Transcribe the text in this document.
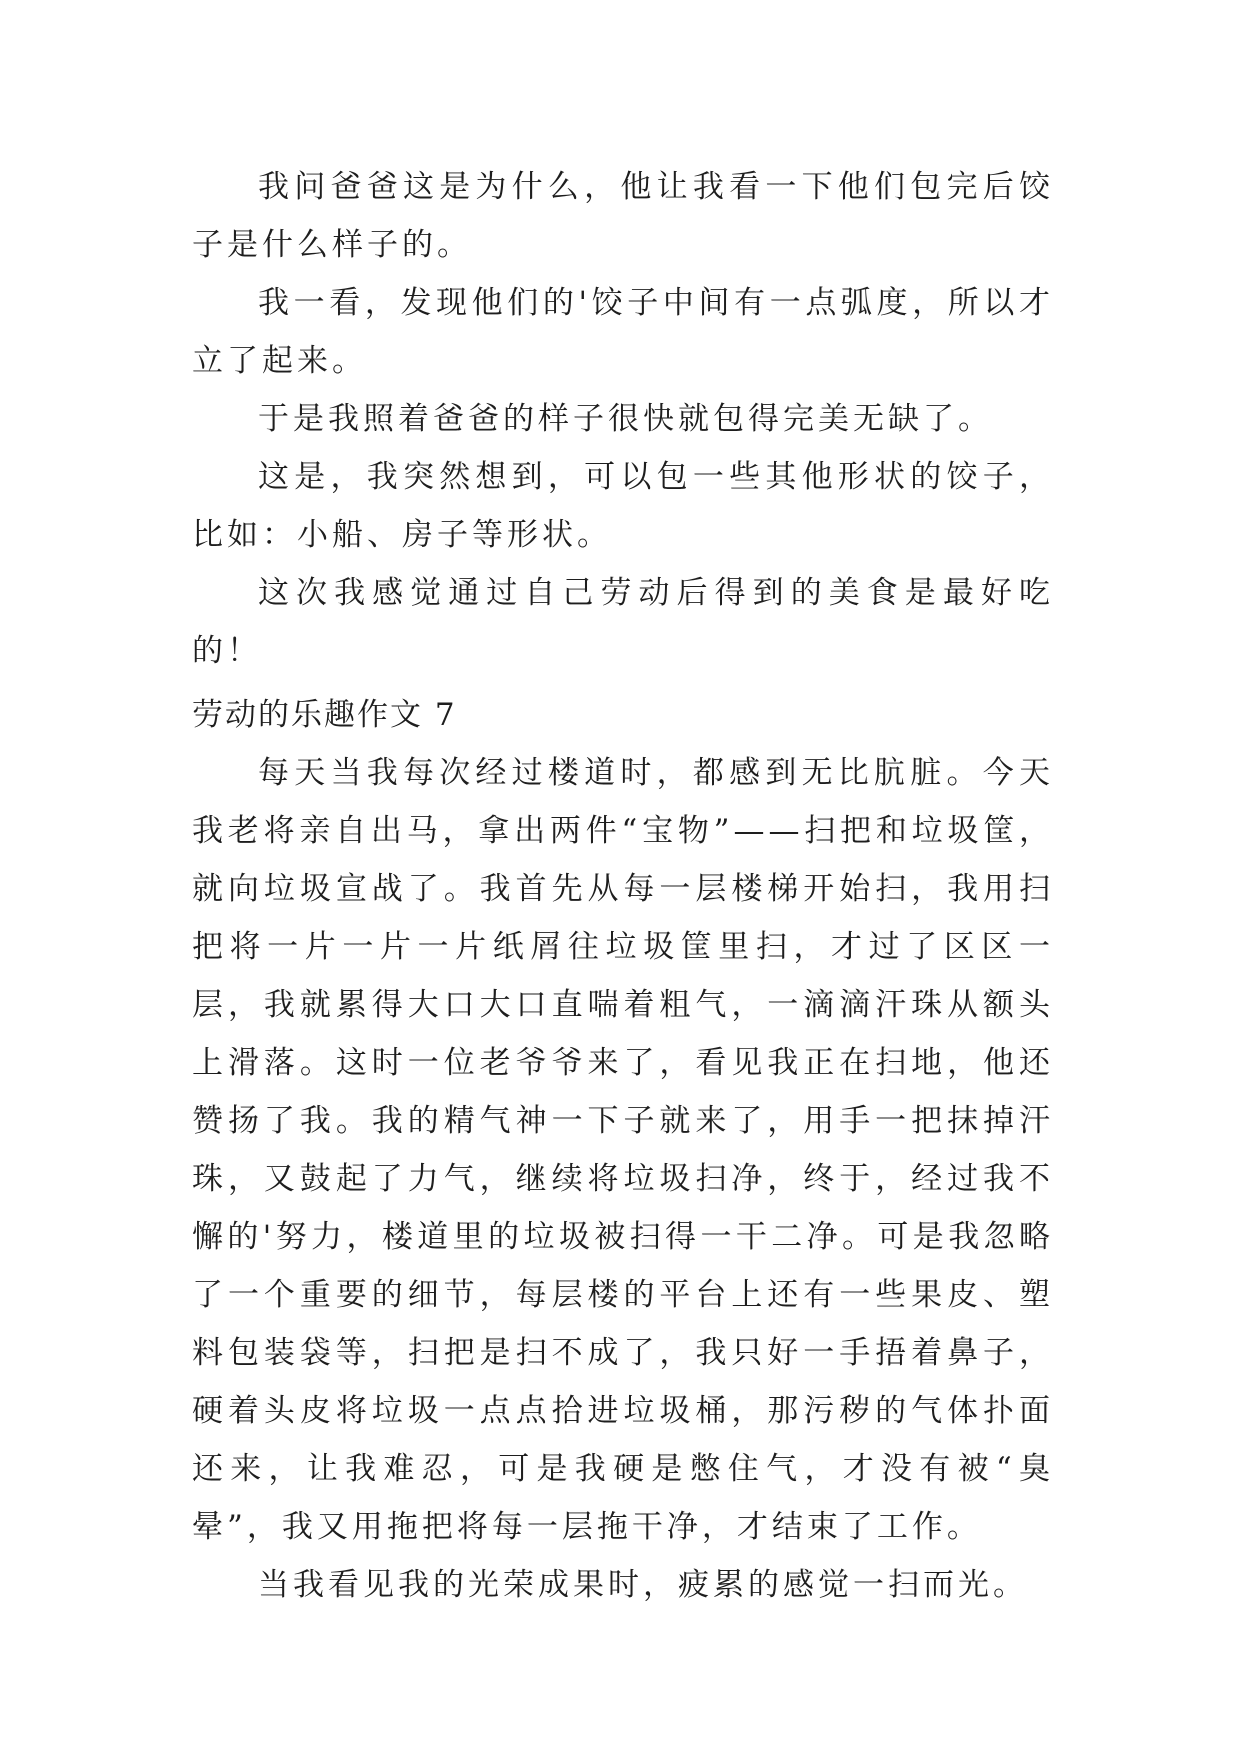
我问爸爸这是为什么，他让我看一下他们包完后饺子是什么样子的。

我一看，发现他们的'饺子中间有一点弧度，所以才立了起来。

于是我照着爸爸的样子很快就包得完美无缺了。

这是，我突然想到，可以包一些其他形状的饺子，比如：小船、房子等形状。

这次我感觉通过自己劳动后得到的美食是最好吃的！

劳动的乐趣作文 7

每天当我每次经过楼道时，都感到无比肮脏。今天我老将亲自出马，拿出两件“宝物”——扫把和垃圾筐，就向垃圾宣战了。我首先从每一层楼梯开始扫，我用扫把将一片一片一片纸屑往垃圾筐里扫，才过了区区一层，我就累得大口大口直喘着粗气，一滴滴汗珠从额头上滑落。这时一位老爷爷来了，看见我正在扫地，他还赞扬了我。我的精气神一下子就来了，用手一把抹掉汗珠，又鼓起了力气，继续将垃圾扫净，终于，经过我不懈的'努力，楼道里的垃圾被扫得一干二净。可是我忽略了一个重要的细节，每层楼的平台上还有一些果皮、塑料包装袋等，扫把是扫不成了，我只好一手捂着鼻子，硬着头皮将垃圾一点点拾进垃圾桶，那污秽的气体扑面还来，让我难忍，可是我硬是憋住气，才没有被“臭晕”，我又用拖把将每一层拖干净，才结束了工作。

当我看见我的光荣成果时，疲累的感觉一扫而光。
